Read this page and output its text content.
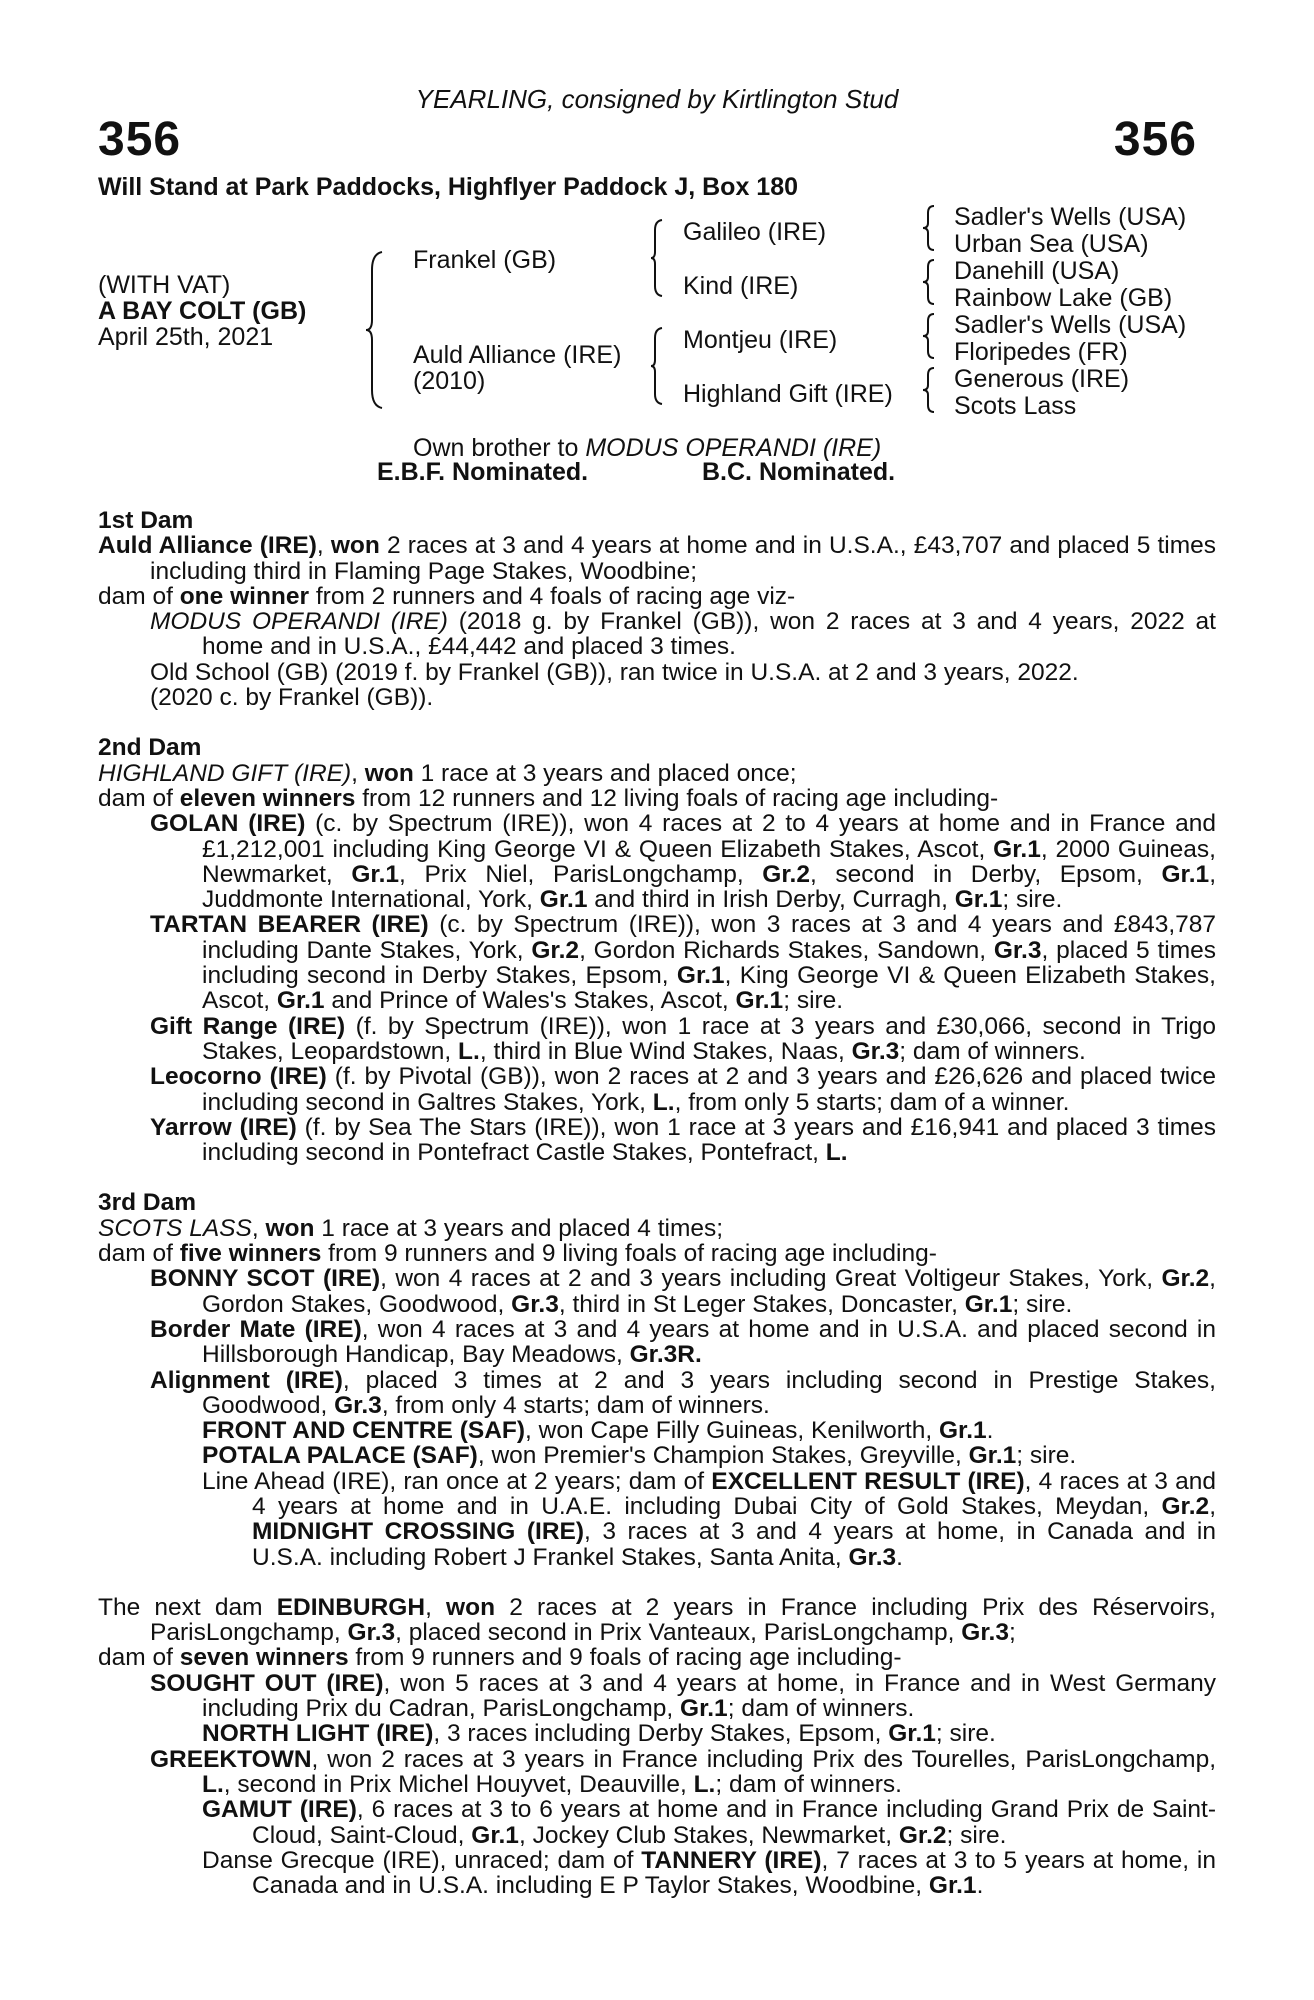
YEARLING, consigned by Kirtlington Stud
356	356
Will Stand at Park Paddocks, Highflyer Paddock J, Box 180
(WITH VAT)
A BAY COLT (GB)
April 25th, 2021
Frankel (GB)
Auld Alliance (IRE)
(2010)
Galileo (IRE)
Kind (IRE)
Montjeu (IRE)
Highland Gift (IRE)
Sadler's Wells (USA)
Urban Sea (USA)
Danehill (USA)
Rainbow Lake (GB)
Sadler's Wells (USA)
Floripedes (FR)
Generous (IRE)
Scots Lass
Own brother to MODUS OPERANDI (IRE)
E.B.F. Nominated.	B.C. Nominated.

1st Dam

Auld Alliance (IRE), won 2 races at 3 and 4 years at home and in U.S.A., £43,707 and placed 5 times including third in Flaming Page Stakes, Woodbine;

dam of one winner from 2 runners and 4 foals of racing age viz-

MODUS OPERANDI (IRE) (2018 g. by Frankel (GB)), won 2 races at 3 and 4 years, 2022 at home and in U.S.A., £44,442 and placed 3 times.

Old School (GB) (2019 f. by Frankel (GB)), ran twice in U.S.A. at 2 and 3 years, 2022.

(2020 c. by Frankel (GB)).

2nd Dam

HIGHLAND GIFT (IRE), won 1 race at 3 years and placed once;

dam of eleven winners from 12 runners and 12 living foals of racing age including-

GOLAN (IRE) (c. by Spectrum (IRE)), won 4 races at 2 to 4 years at home and in France and £1,212,001 including King George VI & Queen Elizabeth Stakes, Ascot, Gr.1, 2000 Guineas, Newmarket, Gr.1, Prix Niel, ParisLongchamp, Gr.2, second in Derby, Epsom, Gr.1, Juddmonte International, York, Gr.1 and third in Irish Derby, Curragh, Gr.1; sire.

TARTAN BEARER (IRE) (c. by Spectrum (IRE)), won 3 races at 3 and 4 years and £843,787 including Dante Stakes, York, Gr.2, Gordon Richards Stakes, Sandown, Gr.3, placed 5 times including second in Derby Stakes, Epsom, Gr.1, King George VI & Queen Elizabeth Stakes, Ascot, Gr.1 and Prince of Wales's Stakes, Ascot, Gr.1; sire.

Gift Range (IRE) (f. by Spectrum (IRE)), won 1 race at 3 years and £30,066, second in Trigo Stakes, Leopardstown, L., third in Blue Wind Stakes, Naas, Gr.3; dam of winners.

Leocorno (IRE) (f. by Pivotal (GB)), won 2 races at 2 and 3 years and £26,626 and placed twice including second in Galtres Stakes, York, L., from only 5 starts; dam of a winner.

Yarrow (IRE) (f. by Sea The Stars (IRE)), won 1 race at 3 years and £16,941 and placed 3 times including second in Pontefract Castle Stakes, Pontefract, L.

3rd Dam

SCOTS LASS, won 1 race at 3 years and placed 4 times;

dam of five winners from 9 runners and 9 living foals of racing age including-

BONNY SCOT (IRE), won 4 races at 2 and 3 years including Great Voltigeur Stakes, York, Gr.2, Gordon Stakes, Goodwood, Gr.3, third in St Leger Stakes, Doncaster, Gr.1; sire.

Border Mate (IRE), won 4 races at 3 and 4 years at home and in U.S.A. and placed second in Hillsborough Handicap, Bay Meadows, Gr.3R.

Alignment (IRE), placed 3 times at 2 and 3 years including second in Prestige Stakes, Goodwood, Gr.3, from only 4 starts; dam of winners.

FRONT AND CENTRE (SAF), won Cape Filly Guineas, Kenilworth, Gr.1.

POTALA PALACE (SAF), won Premier's Champion Stakes, Greyville, Gr.1; sire.

Line Ahead (IRE), ran once at 2 years; dam of EXCELLENT RESULT (IRE), 4 races at 3 and 4 years at home and in U.A.E. including Dubai City of Gold Stakes, Meydan, Gr.2, MIDNIGHT CROSSING (IRE), 3 races at 3 and 4 years at home, in Canada and in U.S.A. including Robert J Frankel Stakes, Santa Anita, Gr.3.

The next dam EDINBURGH, won 2 races at 2 years in France including Prix des Réservoirs, ParisLongchamp, Gr.3, placed second in Prix Vanteaux, ParisLongchamp, Gr.3;

dam of seven winners from 9 runners and 9 foals of racing age including-

SOUGHT OUT (IRE), won 5 races at 3 and 4 years at home, in France and in West Germany including Prix du Cadran, ParisLongchamp, Gr.1; dam of winners.

NORTH LIGHT (IRE), 3 races including Derby Stakes, Epsom, Gr.1; sire.

GREEKTOWN, won 2 races at 3 years in France including Prix des Tourelles, ParisLongchamp, L., second in Prix Michel Houyvet, Deauville, L.; dam of winners.

GAMUT (IRE), 6 races at 3 to 6 years at home and in France including Grand Prix de Saint-Cloud, Saint-Cloud, Gr.1, Jockey Club Stakes, Newmarket, Gr.2; sire.

Danse Grecque (IRE), unraced; dam of TANNERY (IRE), 7 races at 3 to 5 years at home, in Canada and in U.S.A. including E P Taylor Stakes, Woodbine, Gr.1.
